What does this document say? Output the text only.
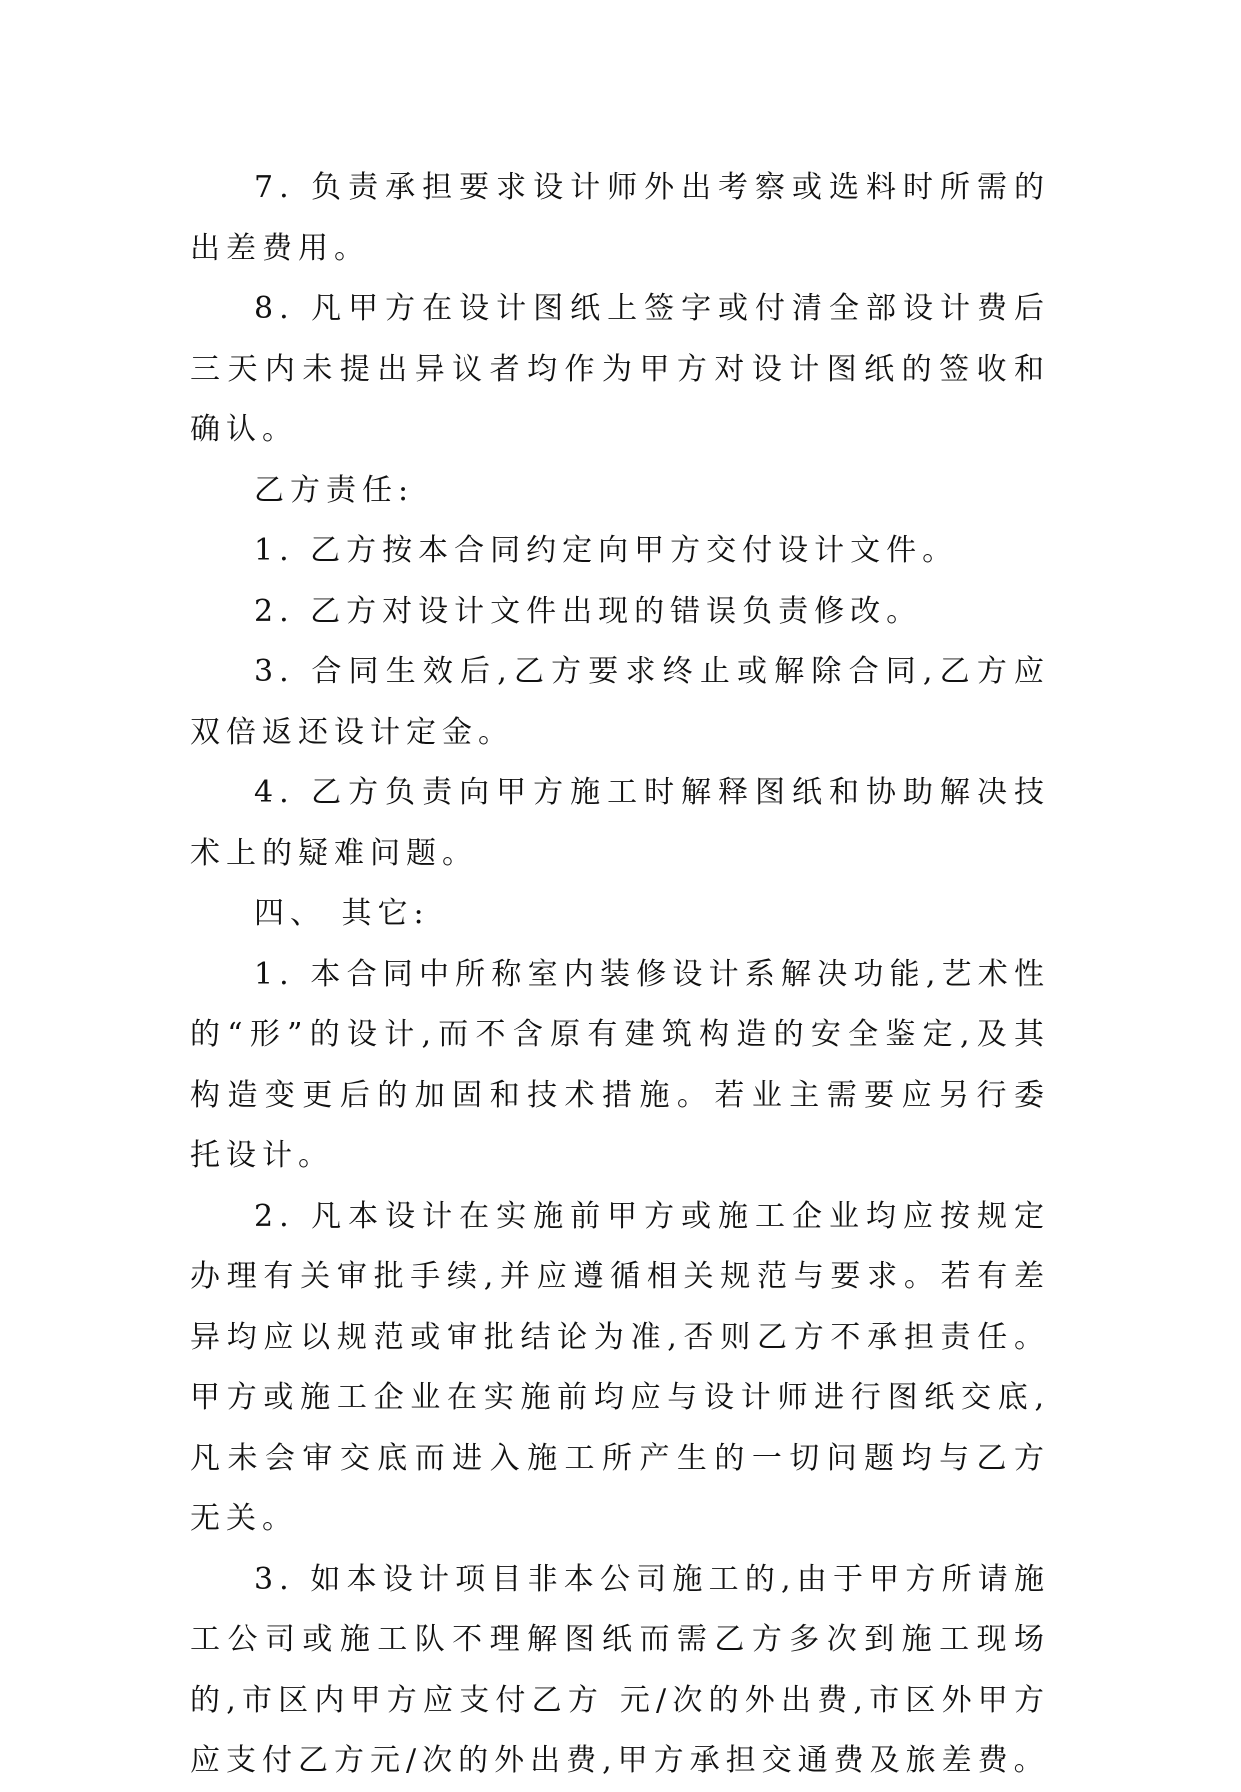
7. 负责承担要求设计师外出考察或选料时所需的出差费用。

8. 凡甲方在设计图纸上签字或付清全部设计费后三天内未提出异议者均作为甲方对设计图纸的签收和确认。

乙方责任:

1. 乙方按本合同约定向甲方交付设计文件。

2. 乙方对设计文件出现的错误负责修改。

3. 合同生效后,乙方要求终止或解除合同,乙方应双倍返还设计定金。

4. 乙方负责向甲方施工时解释图纸和协助解决技术上的疑难问题。

四、 其它:

1. 本合同中所称室内装修设计系解决功能,艺术性的“形”的设计,而不含原有建筑构造的安全鉴定,及其构造变更后的加固和技术措施。若业主需要应另行委托设计。

2. 凡本设计在实施前甲方或施工企业均应按规定办理有关审批手续,并应遵循相关规范与要求。若有差异均应以规范或审批结论为准,否则乙方不承担责任。甲方或施工企业在实施前均应与设计师进行图纸交底,凡未会审交底而进入施工所产生的一切问题均与乙方无关。

3. 如本设计项目非本公司施工的,由于甲方所请施工公司或施工队不理解图纸而需乙方多次到施工现场的,市区内甲方应支付乙方 元/次的外出费,市区外甲方应支付乙方元/次的外出费,甲方承担交通费及旅差费。
